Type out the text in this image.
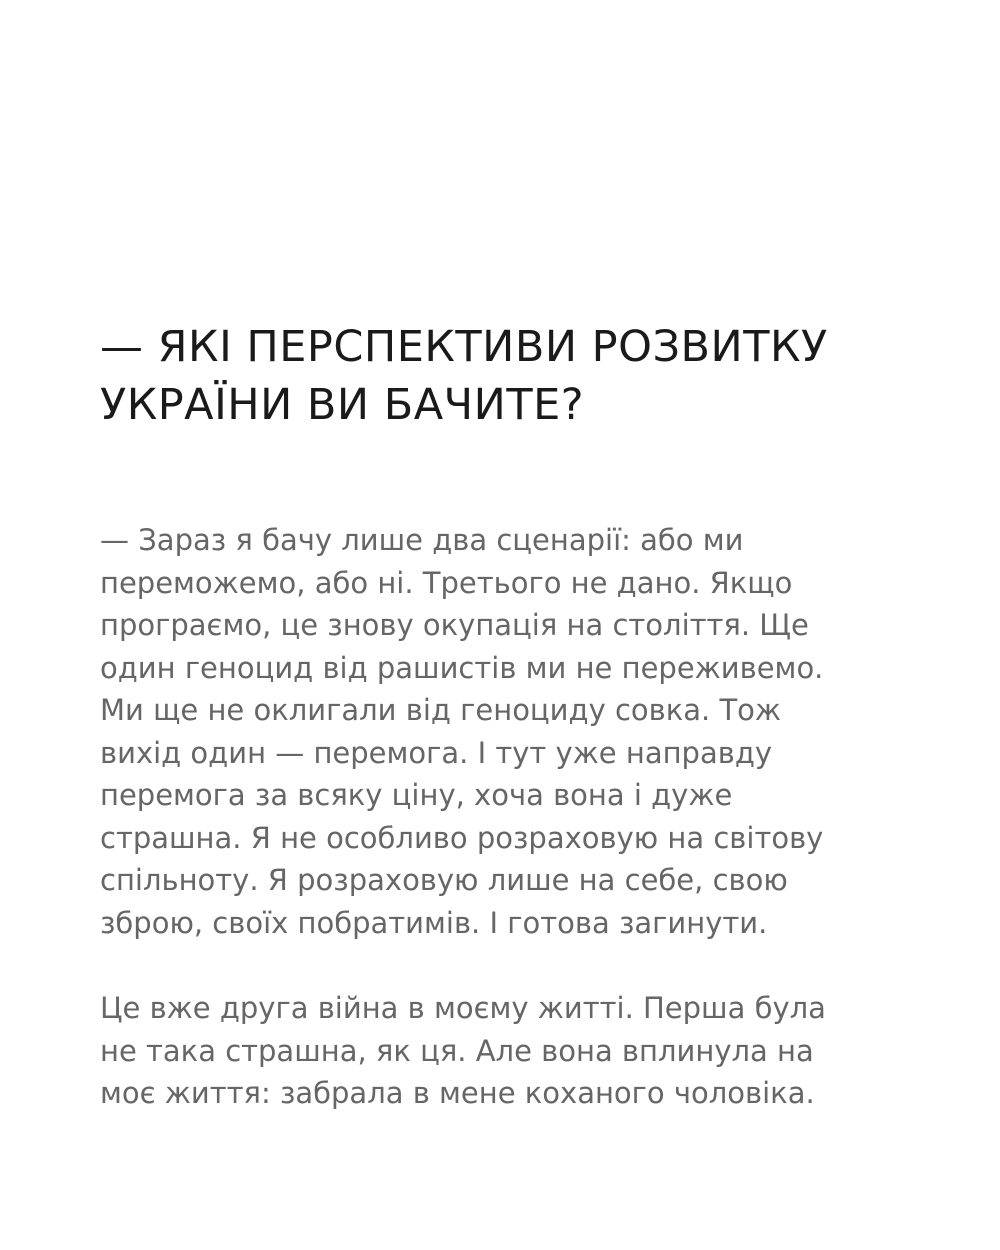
— ЯКІ ПЕРСПЕКТИВИ РОЗВИТКУ
УКРАЇНИ ВИ БАЧИТЕ?

— Зараз я бачу лише два сценарії: або ми
переможемо, або ні. Третього не дано. Якщо
програємо, це знову окупація на століття. Ще
один геноцид від рашистів ми не переживемо.
Ми ще не оклигали від геноциду совка. Тож
вихід один — перемога. І тут уже направду
перемога за всяку ціну, хоча вона і дуже
страшна. Я не особливо розраховую на світову
спільноту. Я розраховую лише на себе, свою
зброю, своїх побратимів. І готова загинути.

Це вже друга війна в моєму житті. Перша була
не така страшна, як ця. Але вона вплинула на
моє життя: забрала в мене коханого чоловіка.
